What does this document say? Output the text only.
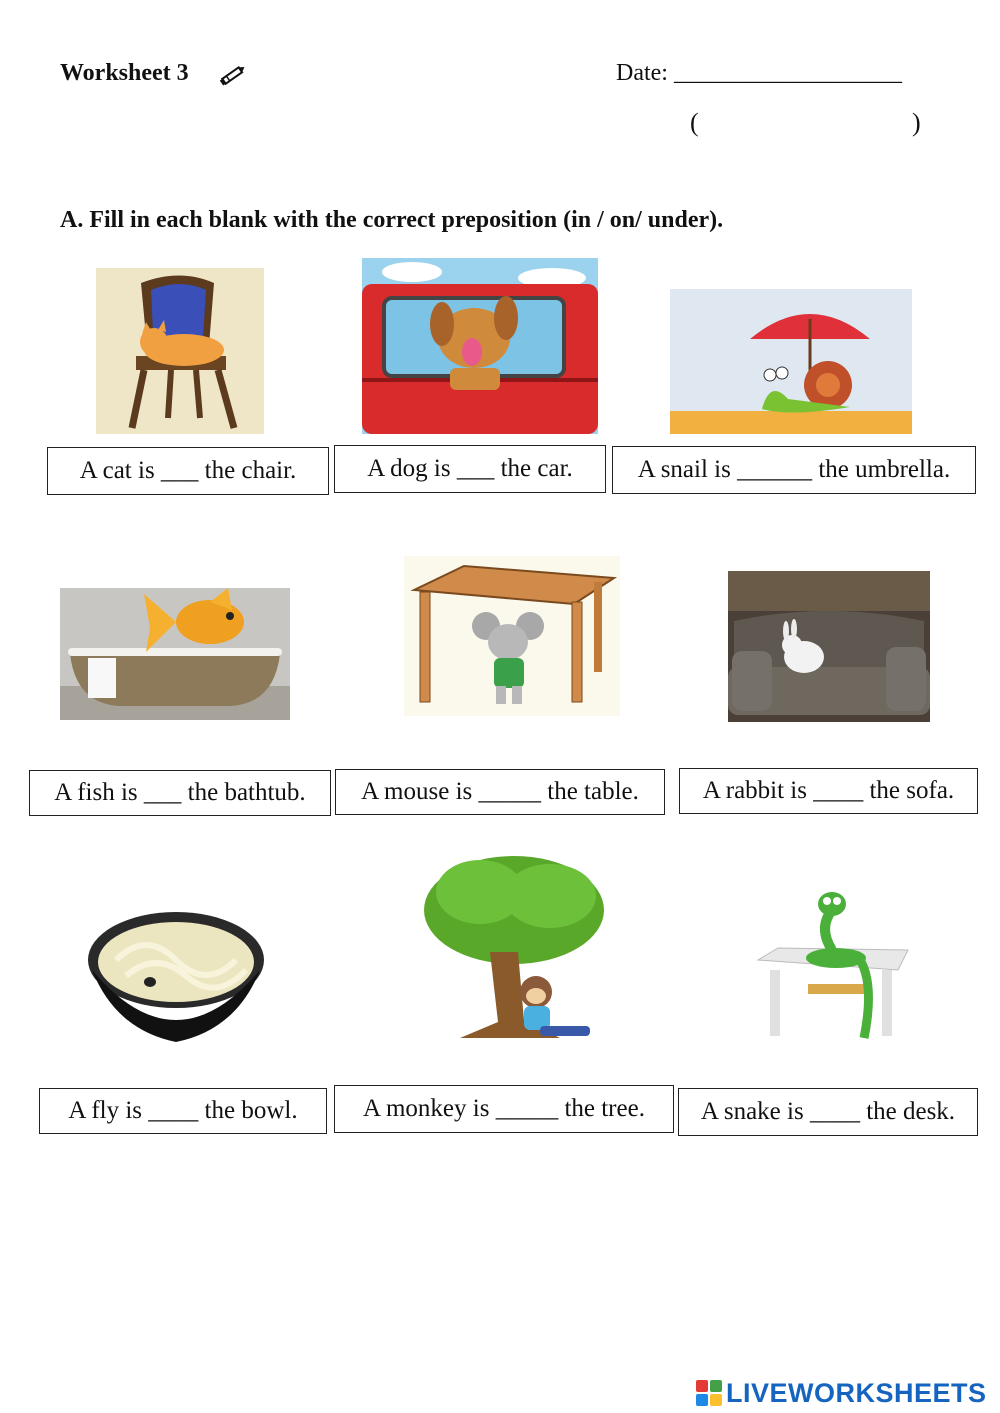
Worksheet 3	Date: ___________________
(	)
A. Fill in each blank with the correct preposition (in / on/ under).
A cat is ___ the chair.	A dog is ___ the car.	A snail is ______ the umbrella.
A fish is ___ the bathtub.	A mouse is _____ the table.	A rabbit is ____ the sofa.
A fly is ____ the bowl.	A monkey is _____ the tree.	A snake is ____ the desk.
LIVEWORKSHEETS
